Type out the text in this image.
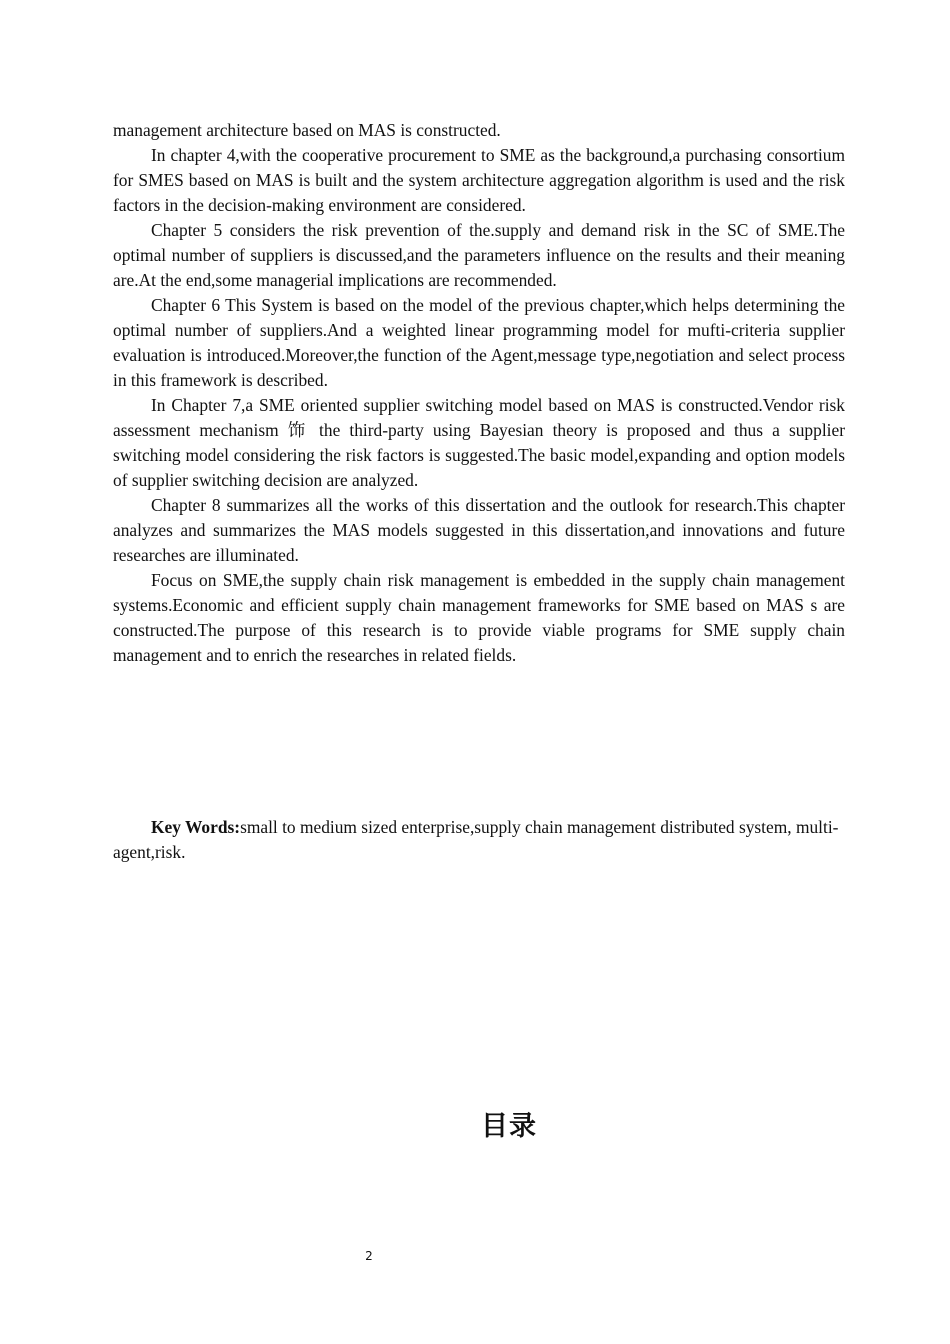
management architecture based on MAS is constructed.

In chapter 4,with the cooperative procurement to SME as the background,a purchasing consortium for SMES based on MAS is built and the system architecture aggregation algorithm is used and the risk factors in the decision-making environment are considered.

Chapter 5 considers the risk prevention of the.supply and demand risk in the SC of SME.The optimal number of suppliers is discussed,and the parameters influence on the results and their meaning are.At the end,some managerial implications are recommended.

Chapter 6 This System is based on the model of the previous chapter,which helps determining the optimal number of suppliers.And a weighted linear programming model for mufti-criteria supplier evaluation is introduced.Moreover,the function of the Agent,message type,negotiation and select process in this framework is described.

In Chapter 7,a SME oriented supplier switching model based on MAS is constructed.Vendor risk assessment mechanism 饰 the third-party using Bayesian theory is proposed and thus a supplier switching model considering the risk factors is suggested.The basic model,expanding and option models of supplier switching decision are analyzed.

Chapter 8 summarizes all the works of this dissertation and the outlook for research.This chapter analyzes and summarizes the MAS models suggested in this dissertation,and innovations and future researches are illuminated.

Focus on SME,the supply chain risk management is embedded in the supply chain management systems.Economic and efficient supply chain management frameworks for SME based on MAS s are constructed.The purpose of this research is to provide viable programs for SME supply chain management and to enrich the researches in related fields.

Key Words:small to medium sized enterprise,supply chain management distributed system, multi-agent,risk.
目录
2
